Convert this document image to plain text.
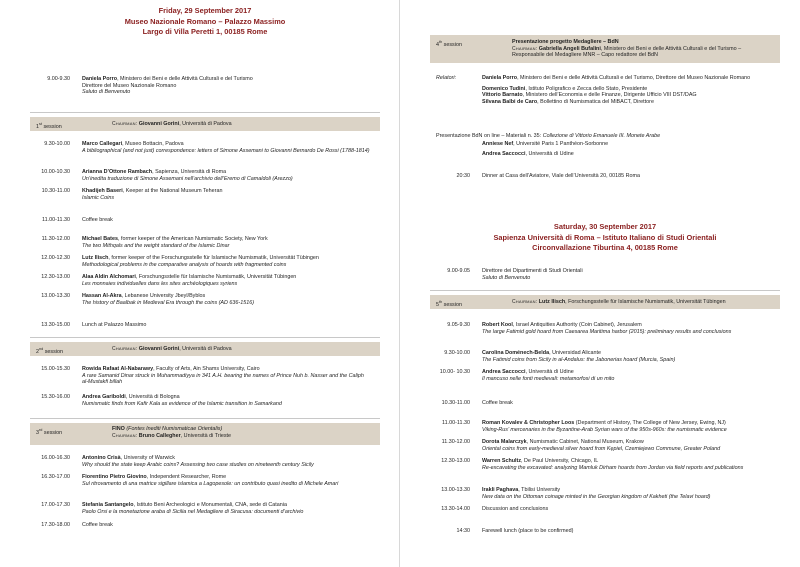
Friday, 29 September 2017
Museo Nazionale Romano – Palazzo Massimo
Largo di Villa Peretti 1, 00185 Rome
9.00-9.30 Daniela Porro, Ministero dei Beni e delle Attività Culturali e del Turismo
Direttore del Museo Nazionale Romano
Saluto di Benvenuto
1st session	Chairman: Giovanni Gorini, Università di Padova
9.30-10.00 Marco Callegari, Museo Bottacin, Padova
A bibliographical (and not just) correspondence: letters of Simone Assemani to Giovanni Bernardo De Rossi (1788-1814)
10.00-10.30 Arianna D’Ottone Rambach, Sapienza, Università di Roma
Un’inedita traduzione di Simone Assemani nell’archivio dell’Eremo di Camaldoli (Arezzo)
10.30-11.00 Khadijeh Baseri, Keeper at the National Museum Teheran
Islamic Coins
11.00-11.30 Coffee break
11.30-12.00 Michael Bates, former keeper of the American Numismatic Society, New York
The two Mithqals and the weight standard of the Islamic Dinar
12.00-12.30 Lutz Ilisch, former keeper of the Forschungsstelle für Islamische Numismatik, Universität Tübingen
Methodological problems in the comparative analysis of hoards with fragmented coins
12.30-13.00 Alaa Aldin Alchomari, Forschungsstelle für Islamische Numismatik, Universität Tübingen
Les monnaies individuelles dans les sites archéologiques syriens
13.00-13.30 Hassan Al-Akra, Lebanese University Jbeyl/Byblos
The history of Baalbak in Medieval Era through the coins (AD 636-1516)
13.30-15.00 Lunch at Palazzo Massimo
2nd session	Chairman: Giovanni Gorini, Università di Padova
15.00-15.30 Rowida Rafaat Al-Nabarawy, Faculty of Arts, Ain Shams University, Cairo
A rare Samanid Dinar struck in Muhammadiyya in 341 A.H. bearing the names of Prince Nuh b. Nasser and the Caliph al-Mustakfi billah
15.30-16.00 Andrea Gariboldi, Università di Bologna
Numismatic finds from Kafir Kala as evidence of the Islamic transition in Samarkand
3rd session
FINO (Fontes Inediti Numismaticae Orientalis)
Chairman: Bruno Callegher, Università di Trieste
16.00-16.30 Antonino Crisà, University of Warwick
Why should the state keep Arabic coins? Assessing two case studies on nineteenth century Sicily
16.30-17.00 Fiorentino Pietro Giovino, Independent Researcher, Rome
Sul ritrovamento di una matrice sigillare islamica a Lagopesole: un contributo quasi inedito di Michele Amari
17.00-17.30 Stefania Santangelo, Istituto Beni Archeologici e Monumentali, CNA, sede di Catania
Paolo Orsi e la monetazione araba di Sicilia nel Medagliere di Siracusa: documenti d’archivio
17.30-18.00 Coffee break
4th session	Presentazione progetto Medagliere – BdN
Chairman: Gabriella Angeli Bufalini, Ministero dei Beni e delle Attività Culturali e del Turismo – Responsabile del Medagliere MNR – Capo redattore del BdN
Relatori:	Daniela Porro, Ministero dei Beni e delle Attività Culturali e del Turismo, Direttore del Museo Nazionale Romano
Domenico Tudini, Istituto Poligrafico e Zecca dello Stato, Presidente
Vittorio Barnato, Ministero dell’Economia e delle Finanze, Dirigente Ufficio VIII DST/DAG
Silvana Balbi de Caro, Bollettino di Numismatica del MiBACT, Direttore
Presentazione BdN on line – Materiali n. 35: Collezione di Vittorio Emanuele III. Monete Arabe
Anniese Nef, Université Paris 1 Panthéon-Sorbonne
Andrea Saccocci, Università di Udine
20:30 Dinner at Casa dell’Aviatore, Viale dell’Università 20, 00185 Roma
Saturday, 30 September 2017
Sapienza Università di Roma – Istituto Italiano di Studi Orientali
Circonvallazione Tiburtina 4, 00185 Rome
9.00-9.05 Direttore dei Dipartimenti di Studi Orientali
Saluto di Benvenuto
5th session	Chairman: Lutz Ilisch, Forschungsstelle für Islamische Numismatik, Universität Tübingen
9.05-9.30 Robert Kool, Israel Antiquities Authority (Coin Cabinet), Jerusalem
The large Fatimid gold hoard from Caesarea Maritima harbor (2015): preliminary results and conclusions
9.30-10.00 Carolina Doménech-Belda, Universidad Alicante
The Fatimid coins from Sicily in al-Andalus: the Jabonerias hoard (Murcia, Spain)
10.00- 10.30 Andrea Saccocci, Università di Udine
Il mancuso nelle fonti medievali: metamorfosi di un mito
10.30-11.00 Coffee break
11.00-11.30 Roman Kovalev & Christopher Loos (Department of History, The College of New Jersey, Ewing, NJ)
Viking-Rus’ mercenaries in the Byzantine-Arab Syrian wars of the 950s-960s: the numismatic evidence
11.30-12.00 Dorota Malarczyk, Numismatic Cabinet, National Museum, Krakow
Oriental coins from early-medieval silver hoard from Kępiel, Czemiejewo Commune, Greater Poland
12.30-13.00 Warren Schultz, De Paul University, Chicago, IL
Re-excavating the excavated: analyzing Mamluk Dirham hoards from Jordan via field reports and publications
13.00-13.30 Irakli Paghava, Tbilisi University
New data on the Ottoman coinage minted in the Georgian kingdom of Kakheti (the Telavi hoard)
13.30-14.00 Discussion and conclusions
14:30 Farewell lunch (place to be confirmed)
